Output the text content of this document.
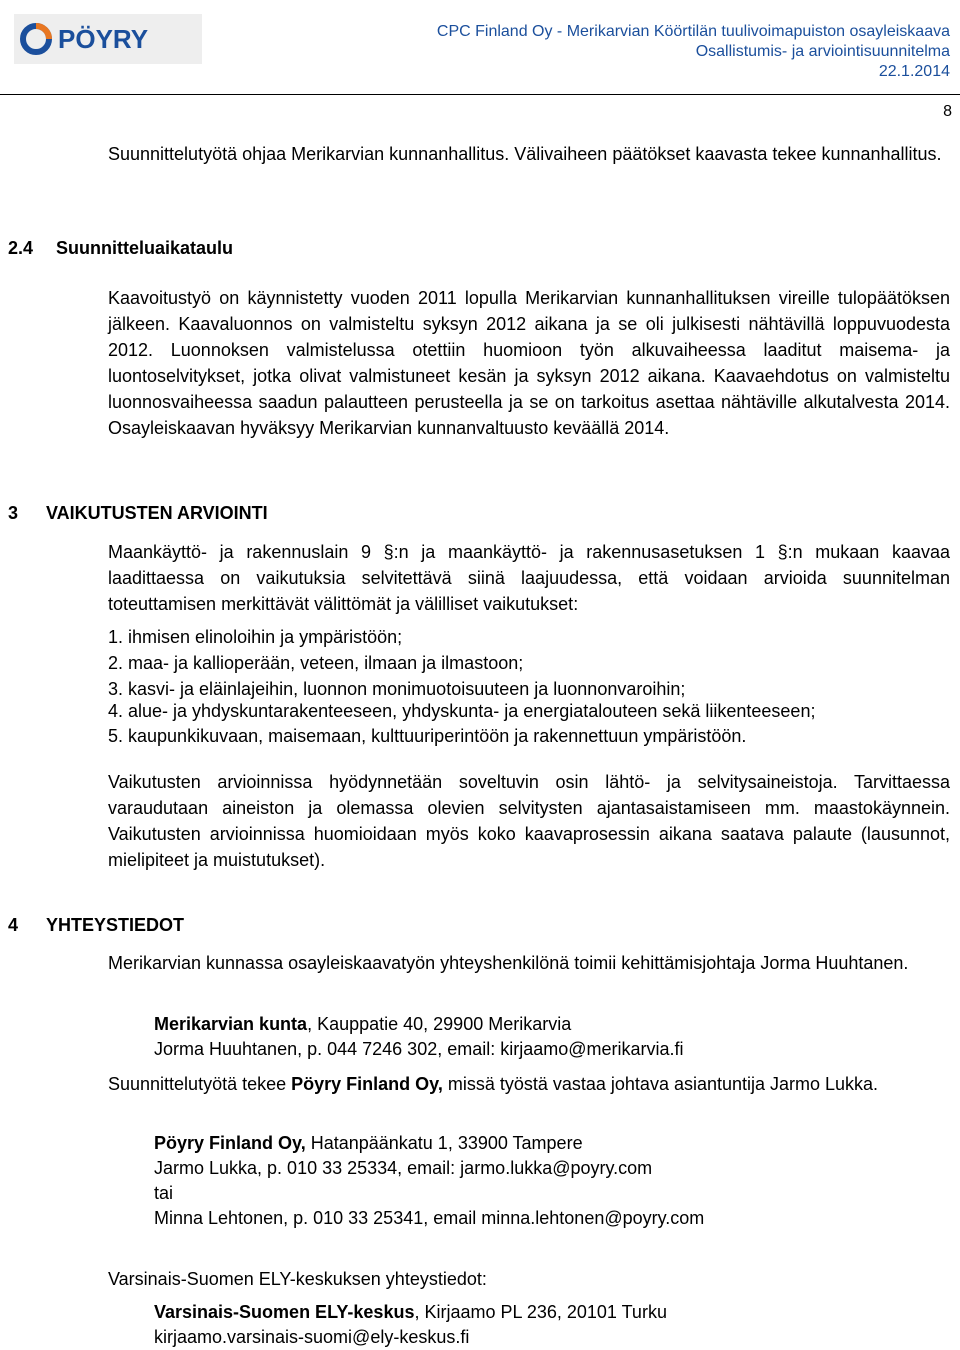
PÖYRY	CPC Finland Oy - Merikarvian Köörtilän tuulivoimapuiston osayleiskaava
Osallistumis- ja arviointisuunnitelma
22.1.2014
8

Suunnittelutyötä ohjaa Merikarvian kunnanhallitus. Välivaiheen päätökset kaavasta tekee kunnanhallitus.

2.4 Suunnitteluaikataulu

Kaavoitustyö on käynnistetty vuoden 2011 lopulla Merikarvian kunnanhallituksen vireille tulopäätöksen jälkeen. Kaavaluonnos on valmisteltu syksyn 2012 aikana ja se oli julkisesti nähtävillä loppuvuodesta 2012. Luonnoksen valmistelussa otettiin huomioon työn alkuvaiheessa laaditut maisema- ja luontoselvitykset, jotka olivat valmistuneet kesän ja syksyn 2012 aikana. Kaavaehdotus on valmisteltu luonnosvaiheessa saadun palautteen perusteella ja se on tarkoitus asettaa nähtäville alkutalvesta 2014. Osayleiskaavan hyväksyy Merikarvian kunnanvaltuusto keväällä 2014.

3 VAIKUTUSTEN ARVIOINTI

Maankäyttö- ja rakennuslain 9 §:n ja maankäyttö- ja rakennusasetuksen 1 §:n mukaan kaavaa laadittaessa on vaikutuksia selvitettävä siinä laajuudessa, että voidaan arvioida suunnitelman toteuttamisen merkittävät välittömät ja välilliset vaikutukset:

1. ihmisen elinoloihin ja ympäristöön;
2. maa- ja kallioperään, veteen, ilmaan ja ilmastoon;
3. kasvi- ja eläinlajeihin, luonnon monimuotoisuuteen ja luonnonvaroihin;
4. alue- ja yhdyskuntarakenteeseen, yhdyskunta- ja energiatalouteen sekä liikenteeseen;
5. kaupunkikuvaan, maisemaan, kulttuuriperintöön ja rakennettuun ympäristöön.

Vaikutusten arvioinnissa hyödynnetään soveltuvin osin lähtö- ja selvitysaineistoja. Tarvittaessa varaudutaan aineiston ja olemassa olevien selvitysten ajantasaistamiseen mm. maastokäynnein. Vaikutusten arvioinnissa huomioidaan myös koko kaavaprosessin aikana saatava palaute (lausunnot, mielipiteet ja muistutukset).

4 YHTEYSTIEDOT

Merikarvian kunnassa osayleiskaavatyön yhteyshenkilönä toimii kehittämisjohtaja Jorma Huuhtanen.

Merikarvian kunta, Kauppatie 40, 29900 Merikarvia
Jorma Huuhtanen, p. 044 7246 302, email: kirjaamo@merikarvia.fi

Suunnittelutyötä tekee Pöyry Finland Oy, missä työstä vastaa johtava asiantuntija Jarmo Lukka.

Pöyry Finland Oy, Hatanpäänkatu 1, 33900 Tampere
Jarmo Lukka, p. 010 33 25334, email: jarmo.lukka@poyry.com
tai
Minna Lehtonen, p. 010 33 25341, email minna.lehtonen@poyry.com

Varsinais-Suomen ELY-keskuksen yhteystiedot:

Varsinais-Suomen ELY-keskus, Kirjaamo PL 236, 20101 Turku
kirjaamo.varsinais-suomi@ely-keskus.fi
